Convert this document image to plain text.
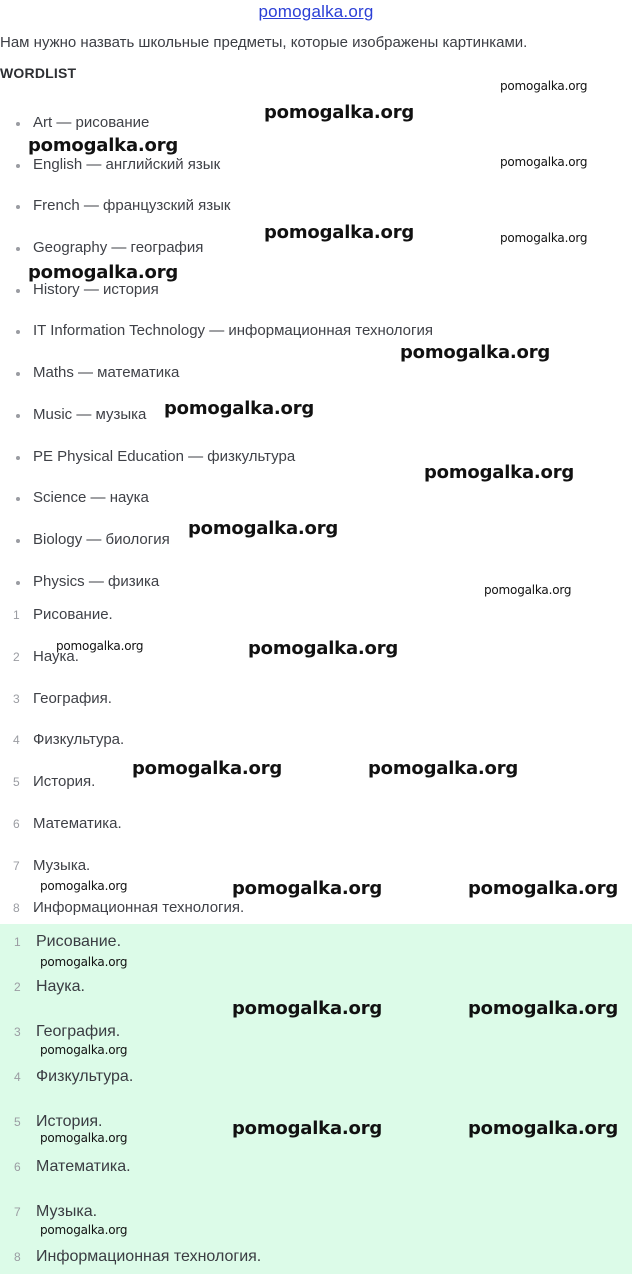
pomogalka.org
Нам нужно назвать школьные предметы, которые изображены картинками.
WORDLIST
Art — рисование
English — английский язык
French — французский язык
Geography — география
History — история
IT Information Technology — информационная технология
Maths — математика
Music — музыка
PE Physical Education — физкультура
Science — наука
Biology — биология
Physics — физика
1 Рисование.
2 Наука.
3 География.
4 Физкультура.
5 История.
6 Математика.
7 Музыка.
8 Информационная технология.
1 Рисование.
2 Наука.
3 География.
4 Физкультура.
5 История.
6 Математика.
7 Музыка.
8 Информационная технология.
pomogalka.org
pomogalka.org
pomogalka.org
pomogalka.org
pomogalka.org	pomogalka.org
pomogalka.org
pomogalka.org
pomogalka.org
pomogalka.org
pomogalka.org
pomogalka.org
pomogalka.org	pomogalka.org
pomogalka.org	pomogalka.org
pomogalka.org	pomogalka.org	pomogalka.org
pomogalka.org
pomogalka.org	pomogalka.org
pomogalka.org
pomogalka.org	pomogalka.org	pomogalka.org
pomogalka.org
